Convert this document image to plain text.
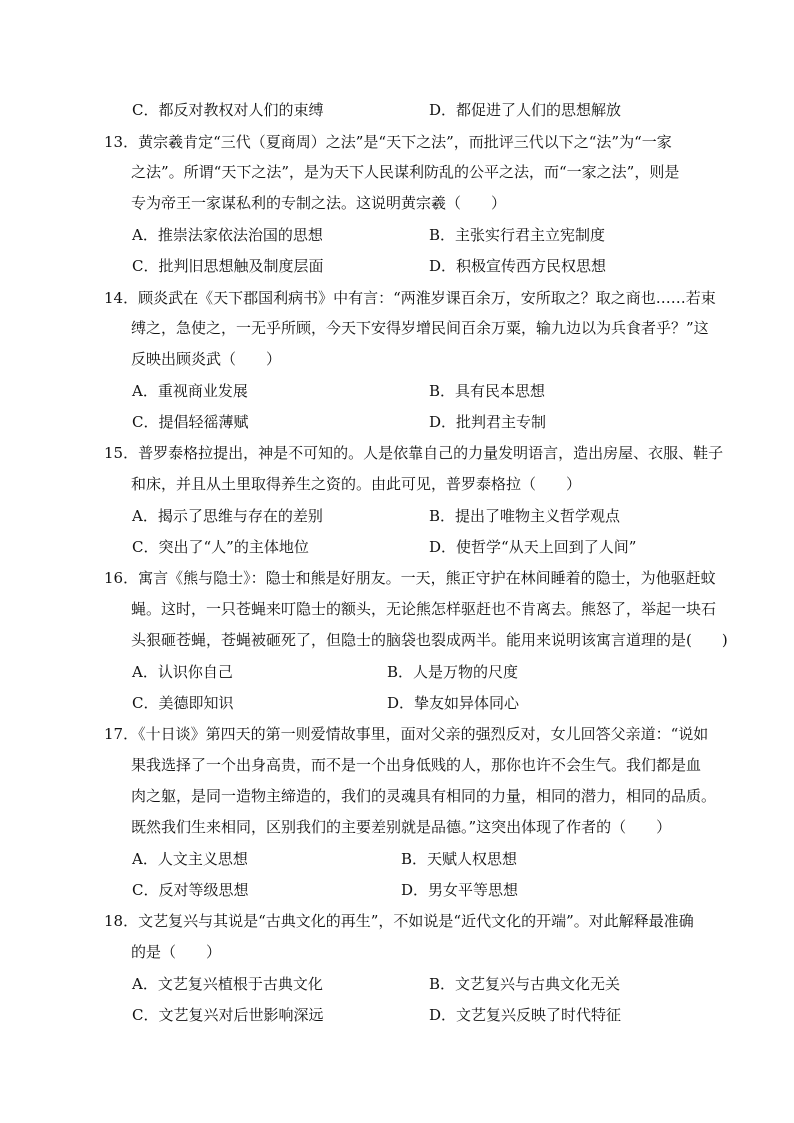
C．都反对教权对人们的束缚	D．都促进了人们的思想解放
13．黄宗羲肯定“三代（夏商周）之法”是“天下之法”，而批评三代以下之“法”为“一家
之法”。所谓“天下之法”，是为天下人民谋利防乱的公平之法，而“一家之法”，则是
专为帝王一家谋私利的专制之法。这说明黄宗羲（　　）
A．推崇法家依法治国的思想	B．主张实行君主立宪制度
C．批判旧思想触及制度层面	D．积极宣传西方民权思想
14．顾炎武在《天下郡国利病书》中有言：“两淮岁课百余万，安所取之？取之商也……若束
缚之，急使之，一无乎所顾，今天下安得岁增民间百余万粟，输九边以为兵食者乎？”这
反映出顾炎武（　　）
A．重视商业发展	B．具有民本思想
C．提倡轻徭薄赋	D．批判君主专制
15．普罗泰格拉提出，神是不可知的。人是依靠自己的力量发明语言，造出房屋、衣服、鞋子
和床，并且从土里取得养生之资的。由此可见，普罗泰格拉（　　）
A．揭示了思维与存在的差别	B．提出了唯物主义哲学观点
C．突出了“人”的主体地位	D．使哲学“从天上回到了人间”
16．寓言《熊与隐士》：隐士和熊是好朋友。一天，熊正守护在林间睡着的隐士，为他驱赶蚊
蝇。这时，一只苍蝇来叮隐士的额头，无论熊怎样驱赶也不肯离去。熊怒了，举起一块石
头狠砸苍蝇，苍蝇被砸死了，但隐士的脑袋也裂成两半。能用来说明该寓言道理的是(　　)
A．认识你自己	B．人是万物的尺度
C．美德即知识	D．挚友如异体同心
17．《十日谈》第四天的第一则爱情故事里，面对父亲的强烈反对，女儿回答父亲道：“说如
果我选择了一个出身高贵，而不是一个出身低贱的人，那你也许不会生气。我们都是血
肉之躯，是同一造物主缔造的，我们的灵魂具有相同的力量，相同的潜力，相同的品质。
既然我们生来相同，区别我们的主要差别就是品德。”这突出体现了作者的（　　）
A．人文主义思想	B．天赋人权思想
C．反对等级思想	D．男女平等思想
18．文艺复兴与其说是“古典文化的再生”，不如说是“近代文化的开端”。对此解释最准确
的是（　　）
A．文艺复兴植根于古典文化	B．文艺复兴与古典文化无关
C．文艺复兴对后世影响深远	D．文艺复兴反映了时代特征
